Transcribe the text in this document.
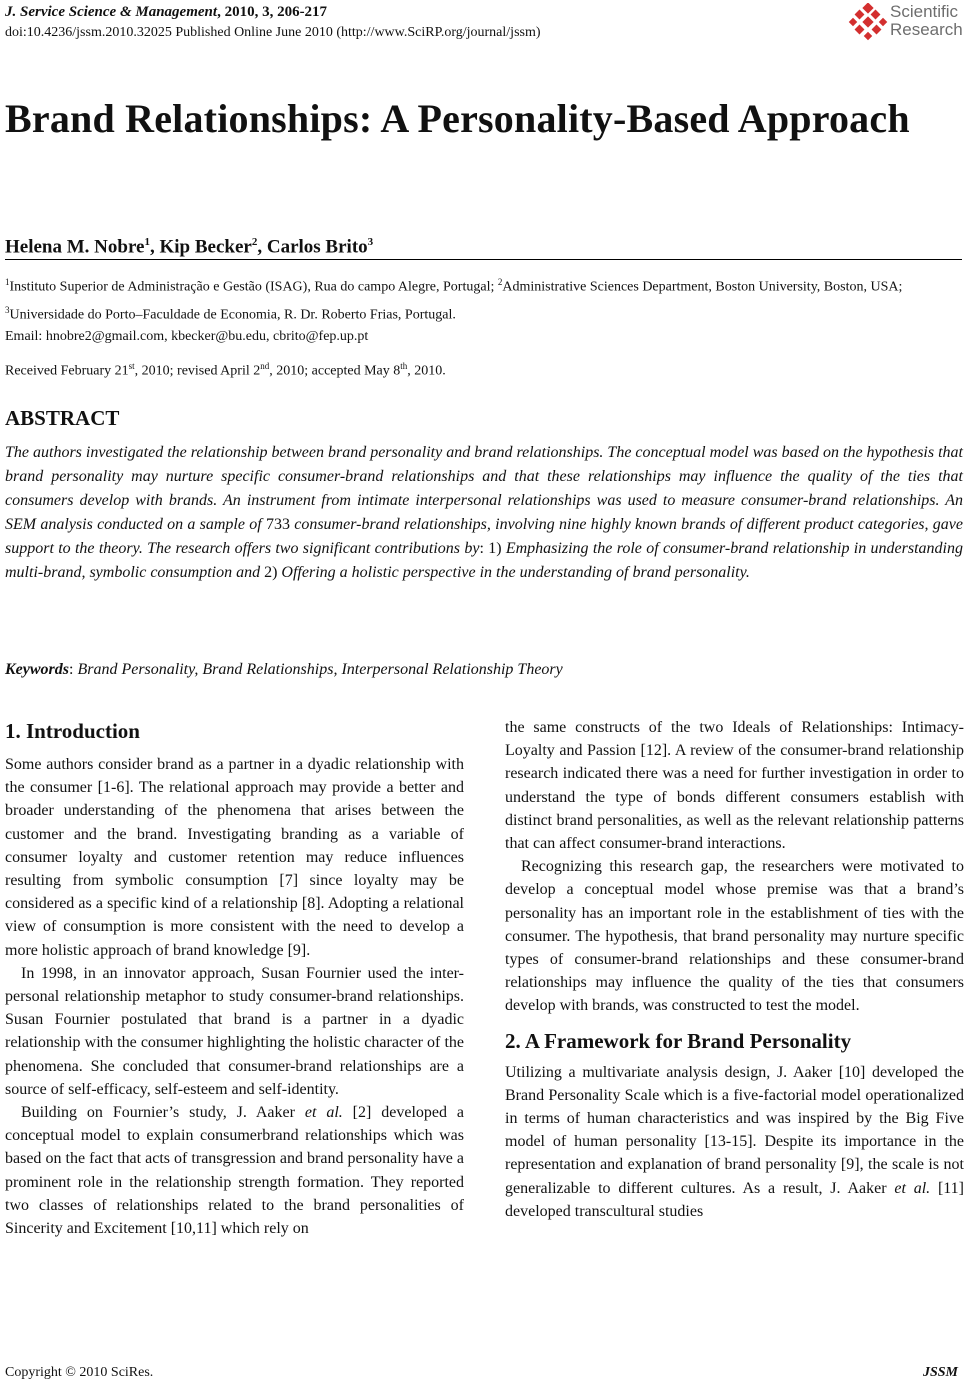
J. Service Science & Management, 2010, 3, 206-217
doi:10.4236/jssm.2010.32025 Published Online June 2010 (http://www.SciRP.org/journal/jssm)
Scientific
Research
Brand Relationships: A Personality-Based Approach
Helena M. Nobre$^1$, Kip Becker$^2$, Carlos Brito$^3$
$^1$Instituto Superior de Administração e Gestão (ISAG), Rua do campo Alegre, Portugal; $^2$Administrative Sciences Department, Boston University, Boston, USA; $^3$Universidade do Porto–Faculdade de Economia, R. Dr. Roberto Frias, Portugal.
Email: hnobre2@gmail.com, kbecker@bu.edu, cbrito@fep.up.pt
Received February 21st, 2010; revised April 2nd, 2010; accepted May 8th, 2010.
ABSTRACT

The authors investigated the relationship between brand personality and brand relationships. The conceptual model was based on the hypothesis that brand personality may nurture specific consumer-brand relationships and that these relationships may influence the quality of the ties that consumers develop with brands. An instrument from intimate interpersonal relationships was used to measure consumer-brand relationships. An SEM analysis conducted on a sample of 733 consumer-brand relationships, involving nine highly known brands of different product categories, gave support to the theory. The research offers two significant contributions by: 1) Emphasizing the role of consumer-brand relationship in understanding multi-brand, symbolic consumption and 2) Offering a holistic perspective in the understanding of brand personality.

Keywords: Brand Personality, Brand Relationships, Interpersonal Relationship Theory
1. Introduction

Some authors consider brand as a partner in a dyadic relationship with the consumer [1-6]. The relational approach may provide a better and broader understanding of the phenomena that arises between the customer and the brand. Investigating branding as a variable of consumer loyalty and customer retention may reduce influences resulting from symbolic consumption [7] since loyalty may be considered as a specific kind of a relationship [8]. Adopting a relational view of consumption is more consistent with the need to develop a more holistic approach of brand knowledge [9].

In 1998, in an innovator approach, Susan Fournier used the inter-personal relationship metaphor to study consumer-brand relationships. Susan Fournier postulated that brand is a partner in a dyadic relationship with the consumer highlighting the holistic character of the phenomena. She concluded that consumer-brand relationships are a source of self-efficacy, self-esteem and self-identity.

Building on Fournier’s study, J. Aaker et al. [2] developed a conceptual model to explain consumerbrand relationships which was based on the fact that acts of transgression and brand personality have a prominent role in the relationship strength formation. They reported two classes of relationships related to the brand personalities of Sincerity and Excitement [10,11] which rely on

the same constructs of the two Ideals of Relationships: Intimacy-Loyalty and Passion [12]. A review of the consumer-brand relationship research indicated there was a need for further investigation in order to understand the type of bonds different consumers establish with distinct brand personalities, as well as the relevant relationship patterns that can affect consumer-brand interactions.

Recognizing this research gap, the researchers were motivated to develop a conceptual model whose premise was that a brand’s personality has an important role in the establishment of ties with the consumer. The hypothesis, that brand personality may nurture specific types of consumer-brand relationships and these consumer-brand relationships may influence the quality of the ties that consumers develop with brands, was constructed to test the model.

2. A Framework for Brand Personality

Utilizing a multivariate analysis design, J. Aaker [10] developed the Brand Personality Scale which is a five-factorial model operationalized in terms of human characteristics and was inspired by the Big Five model of human personality [13-15]. Despite its importance in the representation and explanation of brand personality [9], the scale is not generalizable to different cultures. As a result, J. Aaker et al. [11] developed transcultural studies

Copyright © 2010 SciRes.	JSSM
